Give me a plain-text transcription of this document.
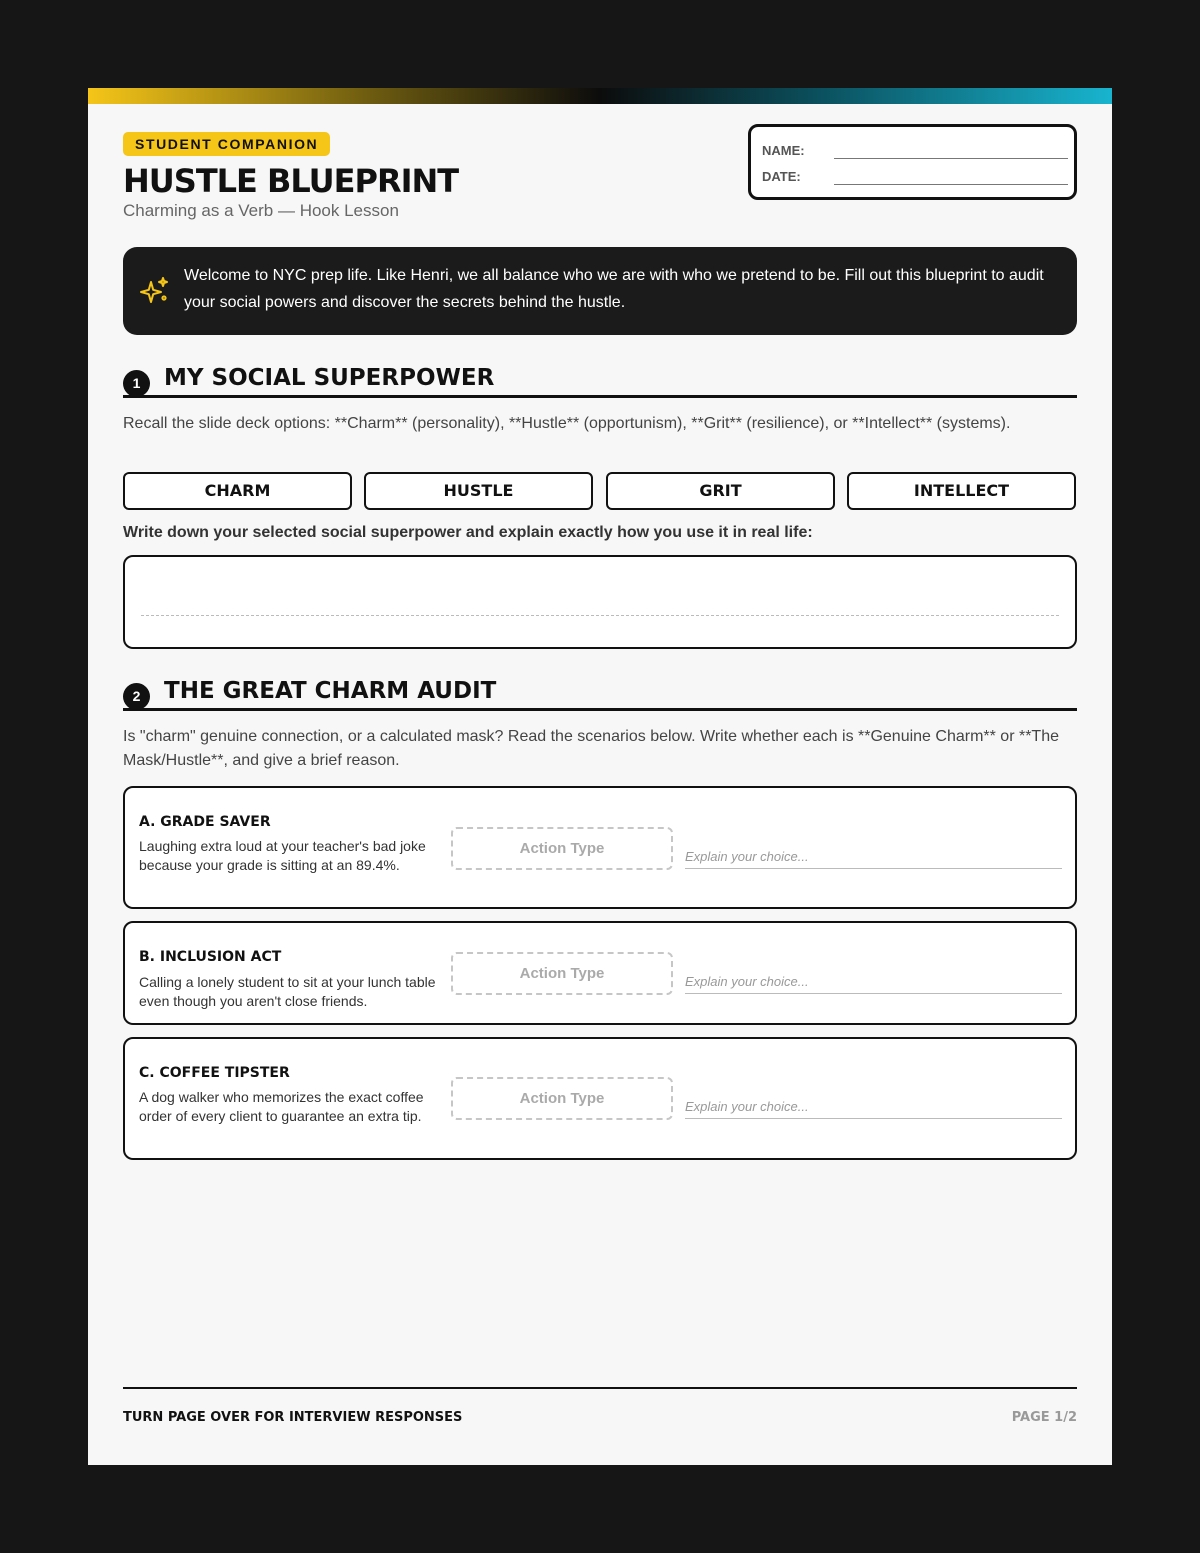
STUDENT COMPANION
HUSTLE BLUEPRINT
Charming as a Verb — Hook Lesson
NAME:
DATE:
Welcome to NYC prep life. Like Henri, we all balance who we are with who we pretend to be. Fill out this blueprint to audit your social powers and discover the secrets behind the hustle.
1	MY SOCIAL SUPERPOWER
Recall the slide deck options: **Charm** (personality), **Hustle** (opportunism), **Grit** (resilience), or **Intellect** (systems).
CHARM	HUSTLE	GRIT	INTELLECT
Write down your selected social superpower and explain exactly how you use it in real life:
2	THE GREAT CHARM AUDIT
Is "charm" genuine connection, or a calculated mask? Read the scenarios below. Write whether each is **Genuine Charm** or **The Mask/Hustle**, and give a brief reason.
A. GRADE SAVER
Laughing extra loud at your teacher's bad joke because your grade is sitting at an 89.4%.
Action Type	Explain your choice...
B. INCLUSION ACT
Calling a lonely student to sit at your lunch table even though you aren't close friends.
Action Type	Explain your choice...
C. COFFEE TIPSTER
A dog walker who memorizes the exact coffee order of every client to guarantee an extra tip.
Action Type	Explain your choice...
TURN PAGE OVER FOR INTERVIEW RESPONSES	PAGE 1/2
